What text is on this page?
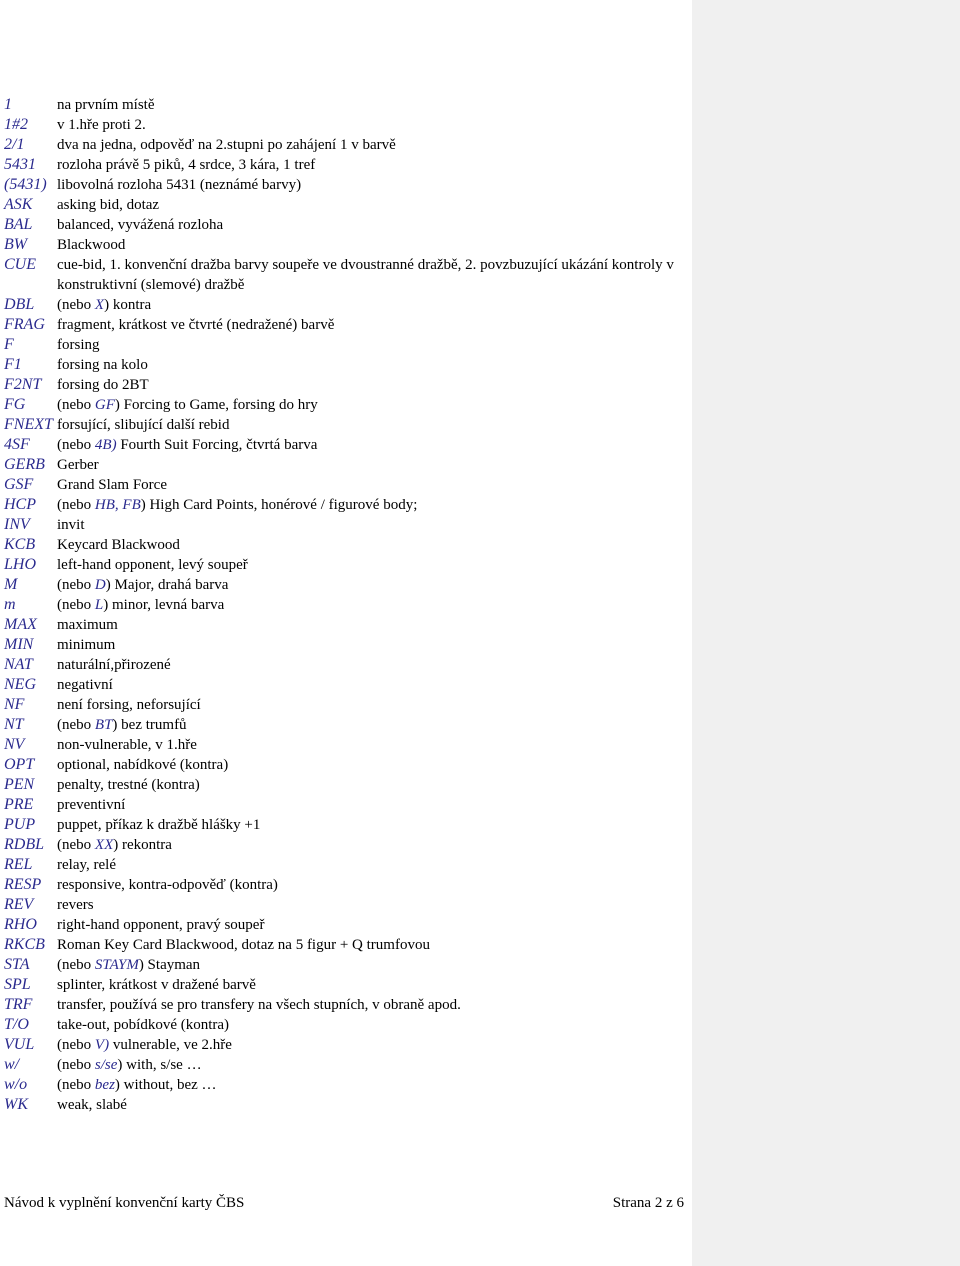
1	na prvním místě
1#2 v 1.hře proti 2.
2/1 dva na jedna, odpověď na 2.stupni po zahájení 1 v barvě
5431 rozloha právě 5 piků, 4 srdce, 3 kára, 1 tref
(5431) libovolná rozloha 5431 (neznámé barvy)
ASK asking bid, dotaz
BAL balanced, vyvážená rozloha
BW Blackwood
CUE cue-bid, 1. konvenční dražba barvy soupeře ve dvoustranné dražbě, 2. povzbuzující ukázání kontroly v konstruktivní (slemové) dražbě
DBL (nebo X) kontra
FRAG fragment, krátkost ve čtvrté (nedražené) barvě
F	forsing
F1 forsing na kolo
F2NT forsing do 2BT
FG (nebo GF) Forcing to Game, forsing do hry
FNEXT forsující, slibující další rebid
4SF (nebo 4B) Fourth Suit Forcing, čtvrtá barva
GERB Gerber
GSF Grand Slam Force
HCP (nebo HB, FB) High Card Points, honérové / figurové body;
INV invit
KCB Keycard Blackwood
LHO left-hand opponent, levý soupeř
M	(nebo D) Major, drahá barva
m	(nebo L) minor, levná barva
MAX maximum
MIN minimum
NAT naturální,přirozené
NEG negativní
NF není forsing, neforsující
NT (nebo BT) bez trumfů
NV non-vulnerable, v 1.hře
OPT optional, nabídkové (kontra)
PEN penalty, trestné (kontra)
PRE preventivní
PUP puppet, příkaz k dražbě hlášky +1
RDBL (nebo XX) rekontra
REL relay, relé
RESP responsive, kontra-odpověď (kontra)
REV revers
RHO right-hand opponent, pravý soupeř
RKCB Roman Key Card Blackwood, dotaz na 5 figur + Q trumfovou
STA (nebo STAYM) Stayman
SPL splinter, krátkost v dražené barvě
TRF transfer, používá se pro transfery na všech stupních, v obraně apod.
T/O take-out, pobídkové (kontra)
VUL (nebo V) vulnerable, ve 2.hře
w/	(nebo s/se) with, s/se …
w/o (nebo bez) without, bez …
WK weak, slabé
Návod k vyplnění konvenční karty ČBS	Strana 2 z 6
